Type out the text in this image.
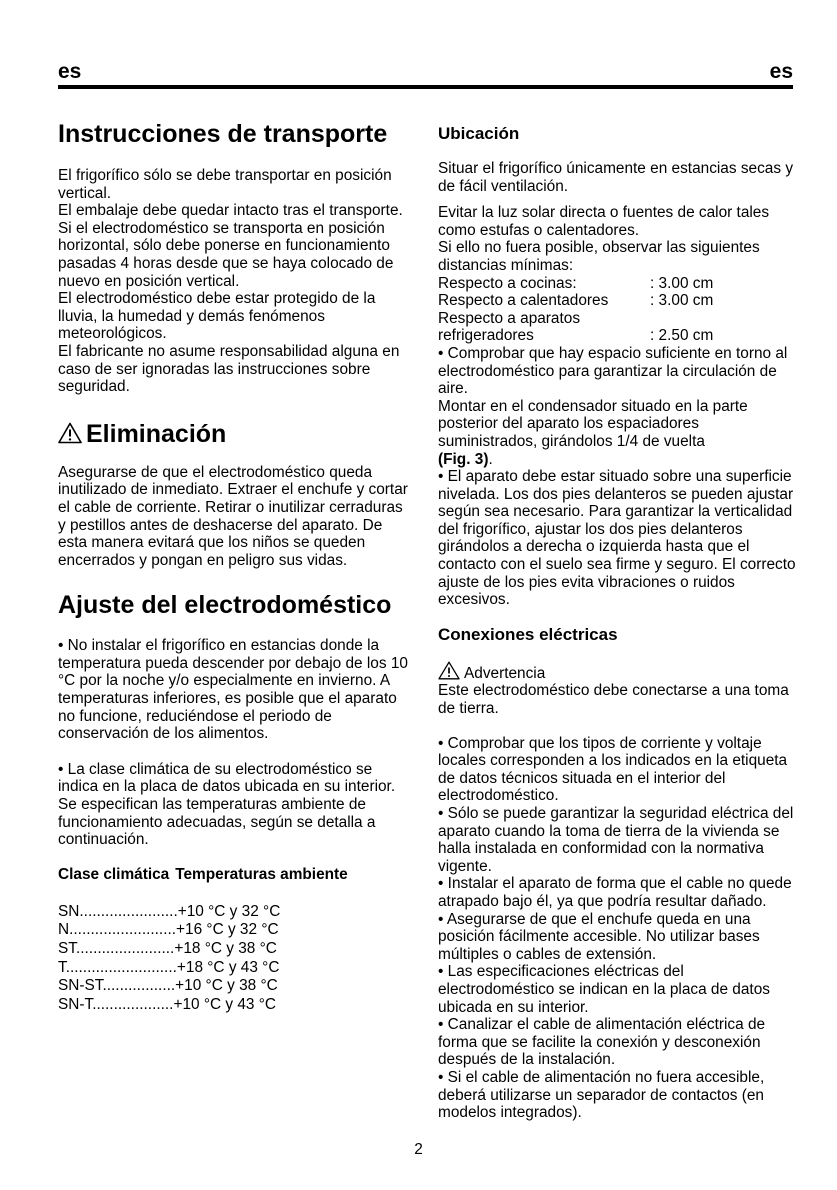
es	es
Instrucciones de transporte

El frigorífico sólo se debe transportar en posición vertical.

El embalaje debe quedar intacto tras el transporte.

Si el electrodoméstico se transporta en posición horizontal, sólo debe ponerse en funcionamiento pasadas 4 horas desde que se haya colocado de nuevo en posición vertical.

El electrodoméstico debe estar protegido de la lluvia, la humedad y demás fenómenos meteorológicos.

El fabricante no asume responsabilidad alguna en caso de ser ignoradas las instrucciones sobre seguridad.

Eliminación

Asegurarse de que el electrodoméstico queda inutilizado de inmediato. Extraer el enchufe y cortar el cable de corriente. Retirar o inutilizar cerraduras y pestillos antes de deshacerse del aparato. De esta manera evitará que los niños se queden encerrados y pongan en peligro sus vidas.

Ajuste del electrodoméstico

• No instalar el frigorífico en estancias donde la temperatura pueda descender por debajo de los 10 °C por la noche y/o especialmente en invierno. A temperaturas inferiores, es posible que el aparato no funcione, reduciéndose el periodo de conservación de los alimentos.

• La clase climática de su electrodoméstico se indica en la placa de datos ubicada en su interior. Se especifican las temperaturas ambiente de funcionamiento adecuadas, según se detalla a continuación.

Clase climática Temperaturas ambiente

SN.......................+10 °C y 32 °C
N.........................+16 °C y 32 °C
ST.......................+18 °C y 38 °C
T..........................+18 °C y 43 °C
SN-ST.................+10 °C y 38 °C
SN-T...................+10 °C y 43 °C
Ubicación

Situar el frigorífico únicamente en estancias secas y de fácil ventilación.

Evitar la luz solar directa o fuentes de calor tales como estufas o calentadores.

Si ello no fuera posible, observar las siguientes distancias mínimas:

Respecto a cocinas:	: 3.00 cm

Respecto a calentadores	: 3.00 cm

Respecto a aparatos

refrigeradores	: 2.50 cm

• Comprobar que hay espacio suficiente en torno al electrodoméstico para garantizar la circulación de aire.

Montar en el condensador situado en la parte posterior del aparato los espaciadores suministrados, girándolos 1/4 de vuelta

(Fig. 3).

• El aparato debe estar situado sobre una superficie nivelada. Los dos pies delanteros se pueden ajustar según sea necesario. Para garantizar la verticalidad del frigorífico, ajustar los dos pies delanteros girándolos a derecha o izquierda hasta que el contacto con el suelo sea firme y seguro. El correcto ajuste de los pies evita vibraciones o ruidos excesivos.

Conexiones eléctricas

Advertencia

Este electrodoméstico debe conectarse a una toma de tierra.

• Comprobar que los tipos de corriente y voltaje locales corresponden a los indicados en la etiqueta de datos técnicos situada en el interior del electrodoméstico.

• Sólo se puede garantizar la seguridad eléctrica del aparato cuando la toma de tierra de la vivienda se halla instalada en conformidad con la normativa vigente.

• Instalar el aparato de forma que el cable no quede atrapado bajo él, ya que podría resultar dañado.

• Asegurarse de que el enchufe queda en una posición fácilmente accesible. No utilizar bases múltiples o cables de extensión.

• Las especificaciones eléctricas del electrodoméstico se indican en la placa de datos ubicada en su interior.

• Canalizar el cable de alimentación eléctrica de forma que se facilite la conexión y desconexión después de la instalación.

• Si el cable de alimentación no fuera accesible, deberá utilizarse un separador de contactos (en modelos integrados).

2
